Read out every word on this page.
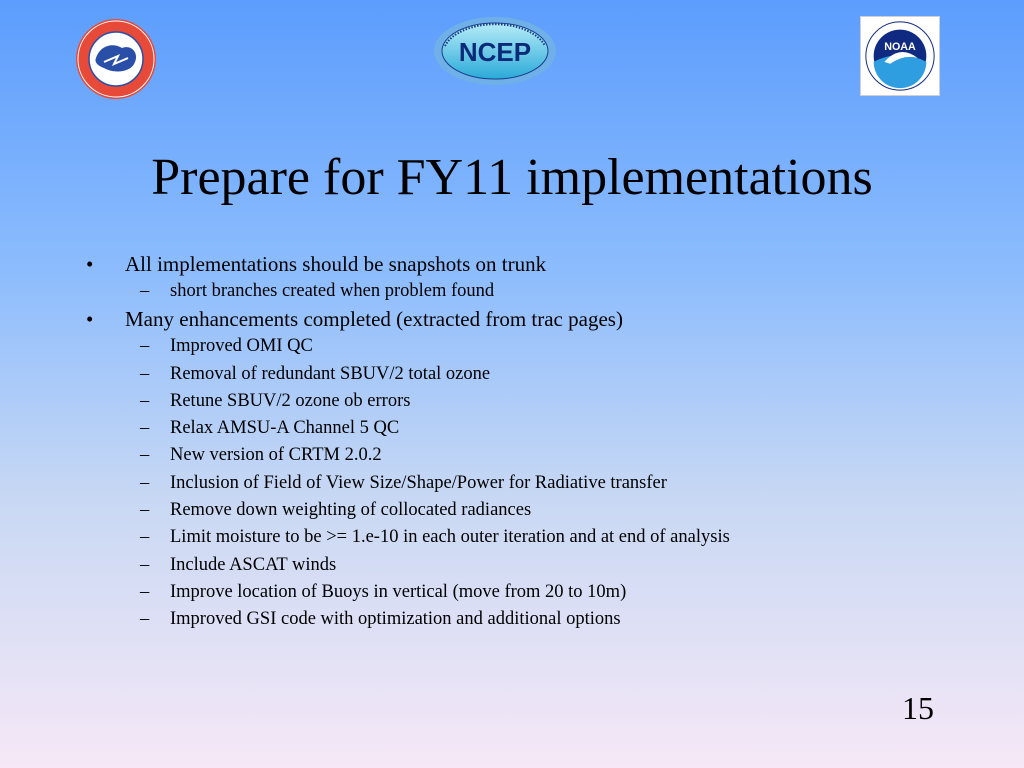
NCEP	NOAA
Prepare for FY11 implementations
• All implementations should be snapshots on trunk
– short branches created when problem found
• Many enhancements completed (extracted from trac pages)
– Improved OMI QC
– Removal of redundant SBUV/2 total ozone
– Retune SBUV/2 ozone ob errors
– Relax AMSU-A Channel 5 QC
– New version of CRTM 2.0.2
– Inclusion of Field of View Size/Shape/Power for Radiative transfer
– Remove down weighting of collocated radiances
– Limit moisture to be >= 1.e-10 in each outer iteration and at end of analysis
– Include ASCAT winds
– Improve location of Buoys in vertical (move from 20 to 10m)
– Improved GSI code with optimization and additional options
15
